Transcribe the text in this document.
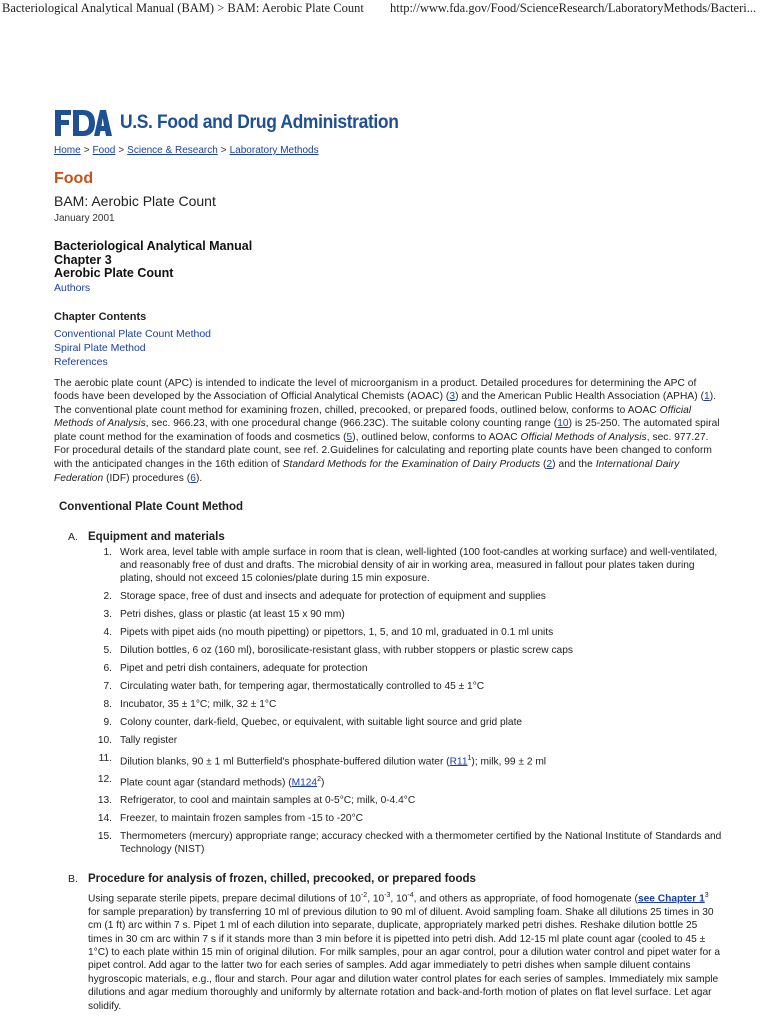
Bacteriological Analytical Manual (BAM) > BAM: Aerobic Plate Count http://www.fda.gov/Food/ScienceResearch/LaboratoryMethods/Bacteri...
U.S. Food and Drug Administration
Home > Food > Science & Research > Laboratory Methods
Food
BAM: Aerobic Plate Count
January 2001
Bacteriological Analytical Manual
Chapter 3
Aerobic Plate Count
Authors
Chapter Contents
Conventional Plate Count Method
Spiral Plate Method
References

The aerobic plate count (APC) is intended to indicate the level of microorganism in a product. Detailed procedures for determining the APC of foods have been developed by the Association of Official Analytical Chemists (AOAC) (3) and the American Public Health Association (APHA) (1). The conventional plate count method for examining frozen, chilled, precooked, or prepared foods, outlined below, conforms to AOAC Official Methods of Analysis, sec. 966.23, with one procedural change (966.23C). The suitable colony counting range (10) is 25-250. The automated spiral plate count method for the examination of foods and cosmetics (5), outlined below, conforms to AOAC Official Methods of Analysis, sec. 977.27. For procedural details of the standard plate count, see ref. 2.Guidelines for calculating and reporting plate counts have been changed to conform with the anticipated changes in the 16th edition of Standard Methods for the Examination of Dairy Products (2) and the International Dairy Federation (IDF) procedures (6).

Conventional Plate Count Method
A. Equipment and materials
1. Work area, level table with ample surface in room that is clean, well-lighted (100 foot-candles at working surface) and well-ventilated, and reasonably free of dust and drafts. The microbial density of air in working area, measured in fallout pour plates taken during plating, should not exceed 15 colonies/plate during 15 min exposure.
2. Storage space, free of dust and insects and adequate for protection of equipment and supplies
3. Petri dishes, glass or plastic (at least 15 x 90 mm)
4. Pipets with pipet aids (no mouth pipetting) or pipettors, 1, 5, and 10 ml, graduated in 0.1 ml units
5. Dilution bottles, 6 oz (160 ml), borosilicate-resistant glass, with rubber stoppers or plastic screw caps
6. Pipet and petri dish containers, adequate for protection
7. Circulating water bath, for tempering agar, thermostatically controlled to 45 ± 1°C
8. Incubator, 35 ± 1°C; milk, 32 ± 1°C
9. Colony counter, dark-field, Quebec, or equivalent, with suitable light source and grid plate
10. Tally register
11. Dilution blanks, 90 ± 1 ml Butterfield's phosphate-buffered dilution water $(R11^1)$; milk, 99 ± 2 ml
12. Plate count agar (standard methods) $(M124^2)$
13. Refrigerator, to cool and maintain samples at 0-5°C; milk, 0-4.4°C
14. Freezer, to maintain frozen samples from -15 to -20°C
15. Thermometers (mercury) appropriate range; accuracy checked with a thermometer certified by the National Institute of Standards and Technology (NIST)
B. Procedure for analysis of frozen, chilled, precooked, or prepared foods

Using separate sterile pipets, prepare decimal dilutions of $10^{-2}$, $10^{-3}$, $10^{-4}$, and others as appropriate, of food homogenate (see Chapter $1^3$ for sample preparation) by transferring 10 ml of previous dilution to 90 ml of diluent. Avoid sampling foam. Shake all dilutions 25 times in 30 cm (1 ft) arc within 7 s. Pipet 1 ml of each dilution into separate, duplicate, appropriately marked petri dishes. Reshake dilution bottle 25 times in 30 cm arc within 7 s if it stands more than 3 min before it is pipetted into petri dish. Add 12-15 ml plate count agar (cooled to 45 ± 1°C) to each plate within 15 min of original dilution. For milk samples, pour an agar control, pour a dilution water control and pipet water for a pipet control. Add agar to the latter two for each series of samples. Add agar immediately to petri dishes when sample diluent contains hygroscopic materials, e.g., flour and starch. Pour agar and dilution water control plates for each series of samples. Immediately mix sample dilutions and agar medium thoroughly and uniformly by alternate rotation and back-and-forth motion of plates on flat level surface. Let agar solidify.
